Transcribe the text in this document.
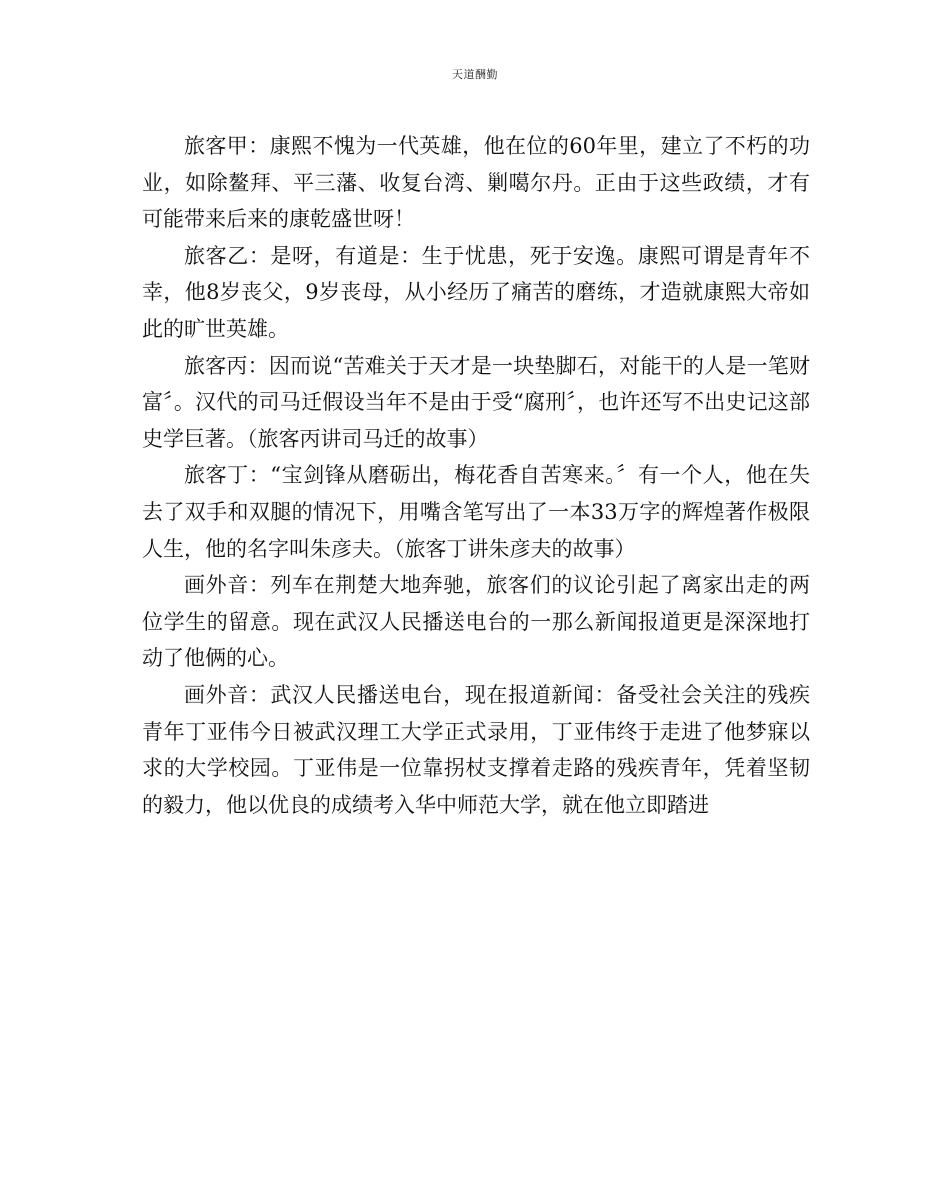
天道酬勤

旅客甲：康熙不愧为一代英雄，他在位的60年里，建立了不朽的功业，如除鳌拜、平三藩、收复台湾、剿噶尔丹。正由于这些政绩，才有可能带来后来的康乾盛世呀！

旅客乙：是呀，有道是：生于忧患，死于安逸。康熙可谓是青年不幸，他8岁丧父，9岁丧母，从小经历了痛苦的磨练，才造就康熙大帝如此的旷世英雄。

旅客丙：因而说“苦难关于天才是一块垫脚石，对能干的人是一笔财富〞。汉代的司马迁假设当年不是由于受“腐刑〞，也许还写不出史记这部史学巨著。（旅客丙讲司马迁的故事）

旅客丁：“宝剑锋从磨砺出，梅花香自苦寒来。〞有一个人，他在失去了双手和双腿的情况下，用嘴含笔写出了一本33万字的辉煌著作极限人生，他的名字叫朱彦夫。（旅客丁讲朱彦夫的故事）

画外音：列车在荆楚大地奔驰，旅客们的议论引起了离家出走的两位学生的留意。现在武汉人民播送电台的一那么新闻报道更是深深地打动了他俩的心。

画外音：武汉人民播送电台，现在报道新闻：备受社会关注的残疾青年丁亚伟今日被武汉理工大学正式录用，丁亚伟终于走进了他梦寐以求的大学校园。丁亚伟是一位靠拐杖支撑着走路的残疾青年，凭着坚韧的毅力，他以优良的成绩考入华中师范大学，就在他立即踏进
